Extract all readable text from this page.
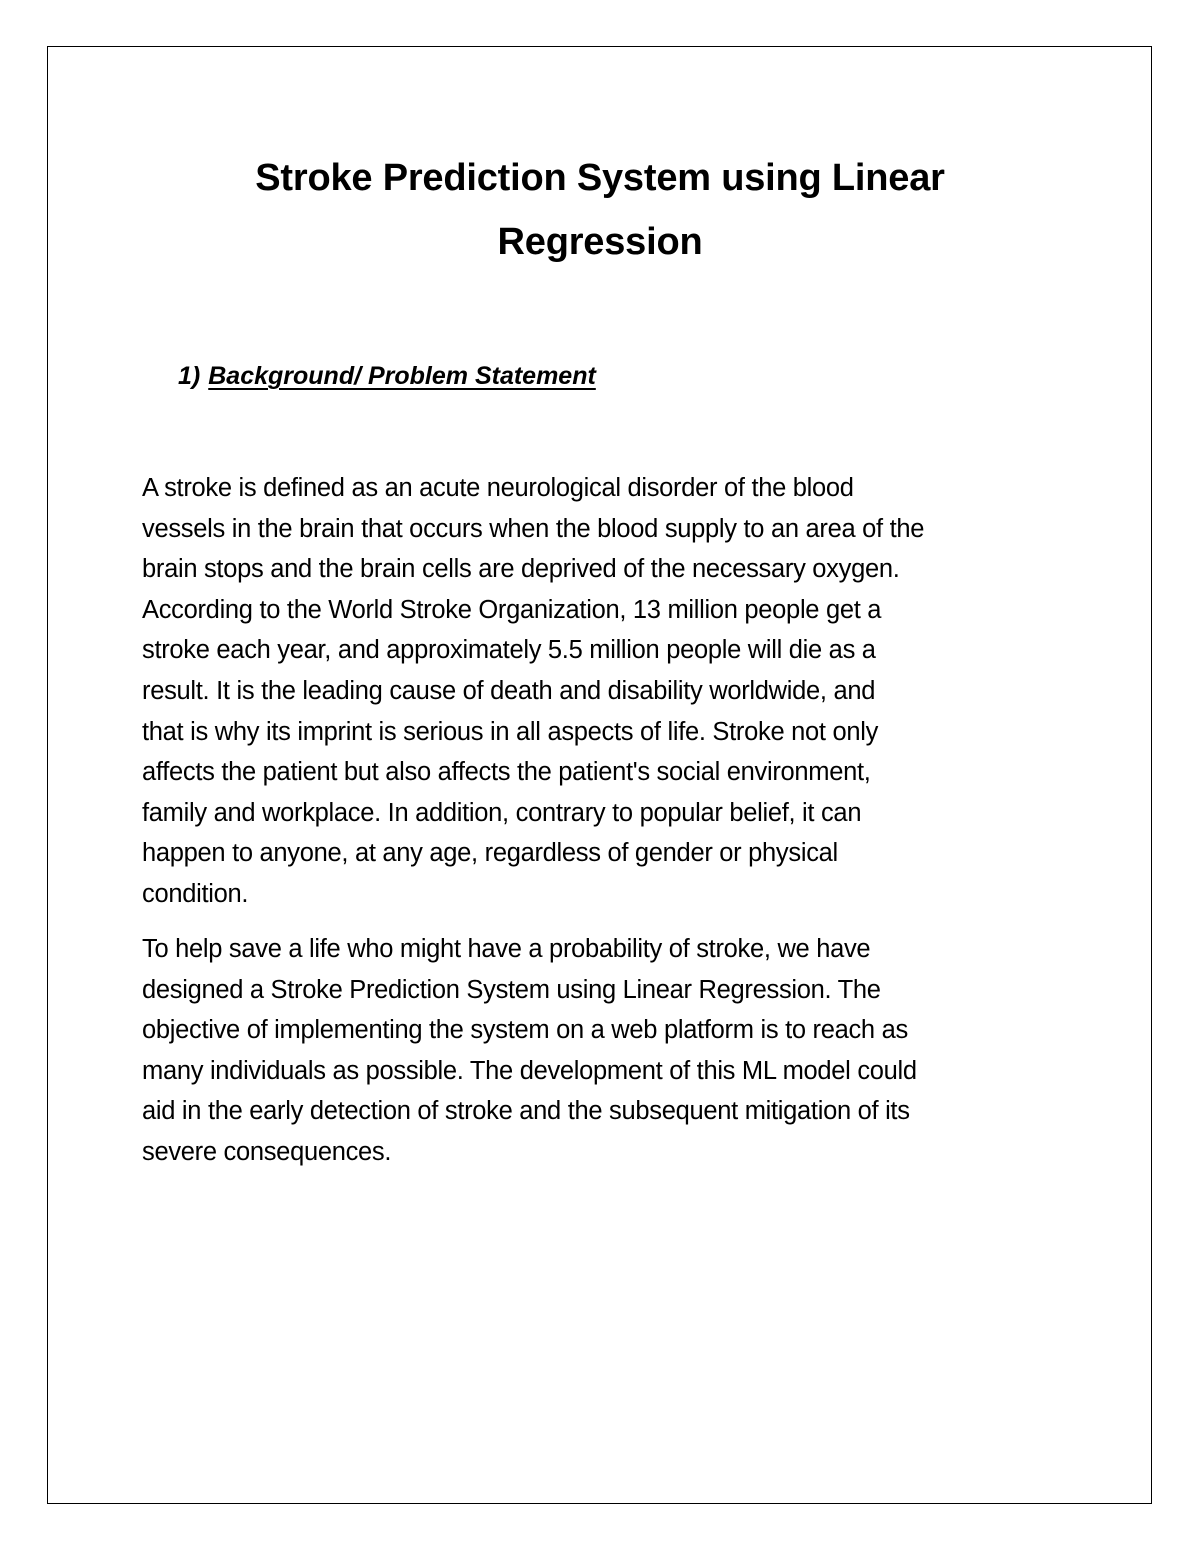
Stroke Prediction System using Linear
Regression
1) Background/ Problem Statement

A stroke is defined as an acute neurological disorder of the blood
vessels in the brain that occurs when the blood supply to an area of the
brain stops and the brain cells are deprived of the necessary oxygen.
According to the World Stroke Organization, 13 million people get a
stroke each year, and approximately 5.5 million people will die as a
result. It is the leading cause of death and disability worldwide, and
that is why its imprint is serious in all aspects of life. Stroke not only
affects the patient but also affects the patient's social environment,
family and workplace. In addition, contrary to popular belief, it can
happen to anyone, at any age, regardless of gender or physical
condition.

To help save a life who might have a probability of stroke, we have
designed a Stroke Prediction System using Linear Regression. The
objective of implementing the system on a web platform is to reach as
many individuals as possible. The development of this ML model could
aid in the early detection of stroke and the subsequent mitigation of its
severe consequences.
